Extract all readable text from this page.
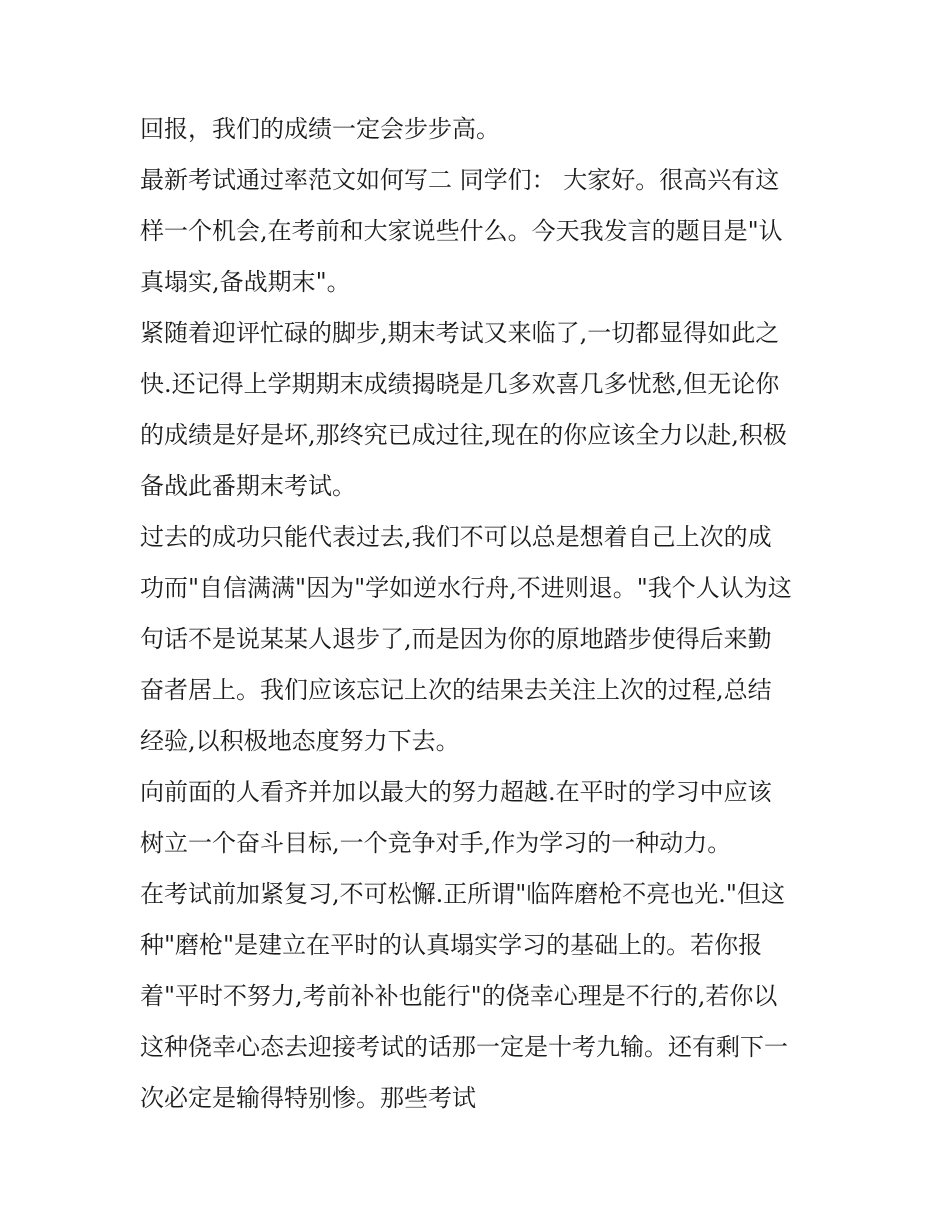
回报，我们的成绩一定会步步高。
最新考试通过率范文如何写二 同学们： 大家好。很高兴有这
样一个机会,在考前和大家说些什么。今天我发言的题目是"认
真塌实,备战期末"。
紧随着迎评忙碌的脚步,期末考试又来临了,一切都显得如此之
快.还记得上学期期末成绩揭晓是几多欢喜几多忧愁,但无论你
的成绩是好是坏,那终究已成过往,现在的你应该全力以赴,积极
备战此番期末考试。
过去的成功只能代表过去,我们不可以总是想着自己上次的成
功而"自信满满"因为"学如逆水行舟,不进则退。"我个人认为这
句话不是说某某人退步了,而是因为你的原地踏步使得后来勤
奋者居上。我们应该忘记上次的结果去关注上次的过程,总结
经验,以积极地态度努力下去。
向前面的人看齐并加以最大的努力超越.在平时的学习中应该
树立一个奋斗目标,一个竞争对手,作为学习的一种动力。
在考试前加紧复习,不可松懈.正所谓"临阵磨枪不亮也光."但这
种"磨枪"是建立在平时的认真塌实学习的基础上的。若你报
着"平时不努力,考前补补也能行"的侥幸心理是不行的,若你以
这种侥幸心态去迎接考试的话那一定是十考九输。还有剩下一
次必定是输得特别惨。那些考试
